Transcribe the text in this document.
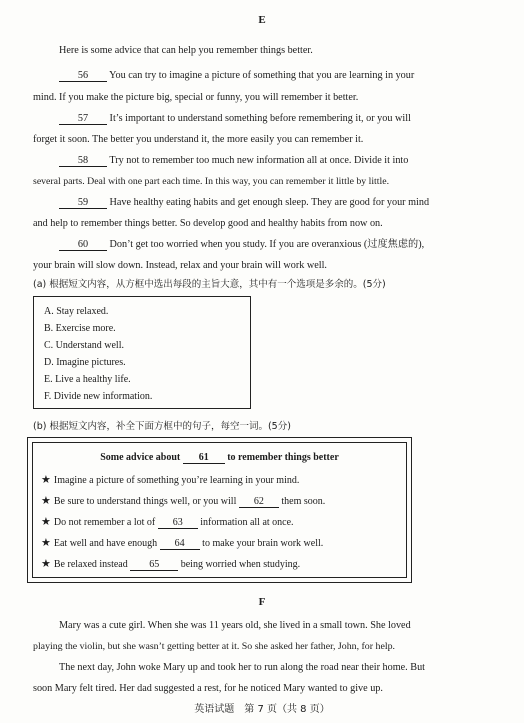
E
Here is some advice that can help you remember things better.
56 You can try to imagine a picture of something that you are learning in your
mind. If you make the picture big, special or funny, you will remember it better.
57 It’s important to understand something before remembering it, or you will
forget it soon. The better you understand it, the more easily you can remember it.
58 Try not to remember too much new information all at once. Divide it into
several parts. Deal with one part each time. In this way, you can remember it little by little.
59 Have healthy eating habits and get enough sleep. They are good for your mind
and help to remember things better. So develop good and healthy habits from now on.
60 Don’t get too worried when you study. If you are overanxious (过度焦虑的),
your brain will slow down. Instead, relax and your brain will work well.
(a) 根据短文内容，从方框中选出每段的主旨大意，其中有一个选项是多余的。(5分)
A. Stay relaxed.
B. Exercise more.
C. Understand well.
D. Imagine pictures.
E. Live a healthy life.
F. Divide new information.
(b) 根据短文内容，补全下面方框中的句子，每空一词。(5分)
Some advice about 61 to remember things better
★ Imagine a picture of something you’re learning in your mind.
★ Be sure to understand things well, or you will 62 them soon.
★ Do not remember a lot of 63 information all at once.
★ Eat well and have enough 64 to make your brain work well.
★ Be relaxed instead 65 being worried when studying.
F
Mary was a cute girl. When she was 11 years old, she lived in a small town. She loved
playing the violin, but she wasn’t getting better at it. So she asked her father, John, for help.
The next day, John woke Mary up and took her to run along the road near their home. But
soon Mary felt tired. Her dad suggested a rest, for he noticed Mary wanted to give up.
英语试题　第 7 页（共 8 页）
